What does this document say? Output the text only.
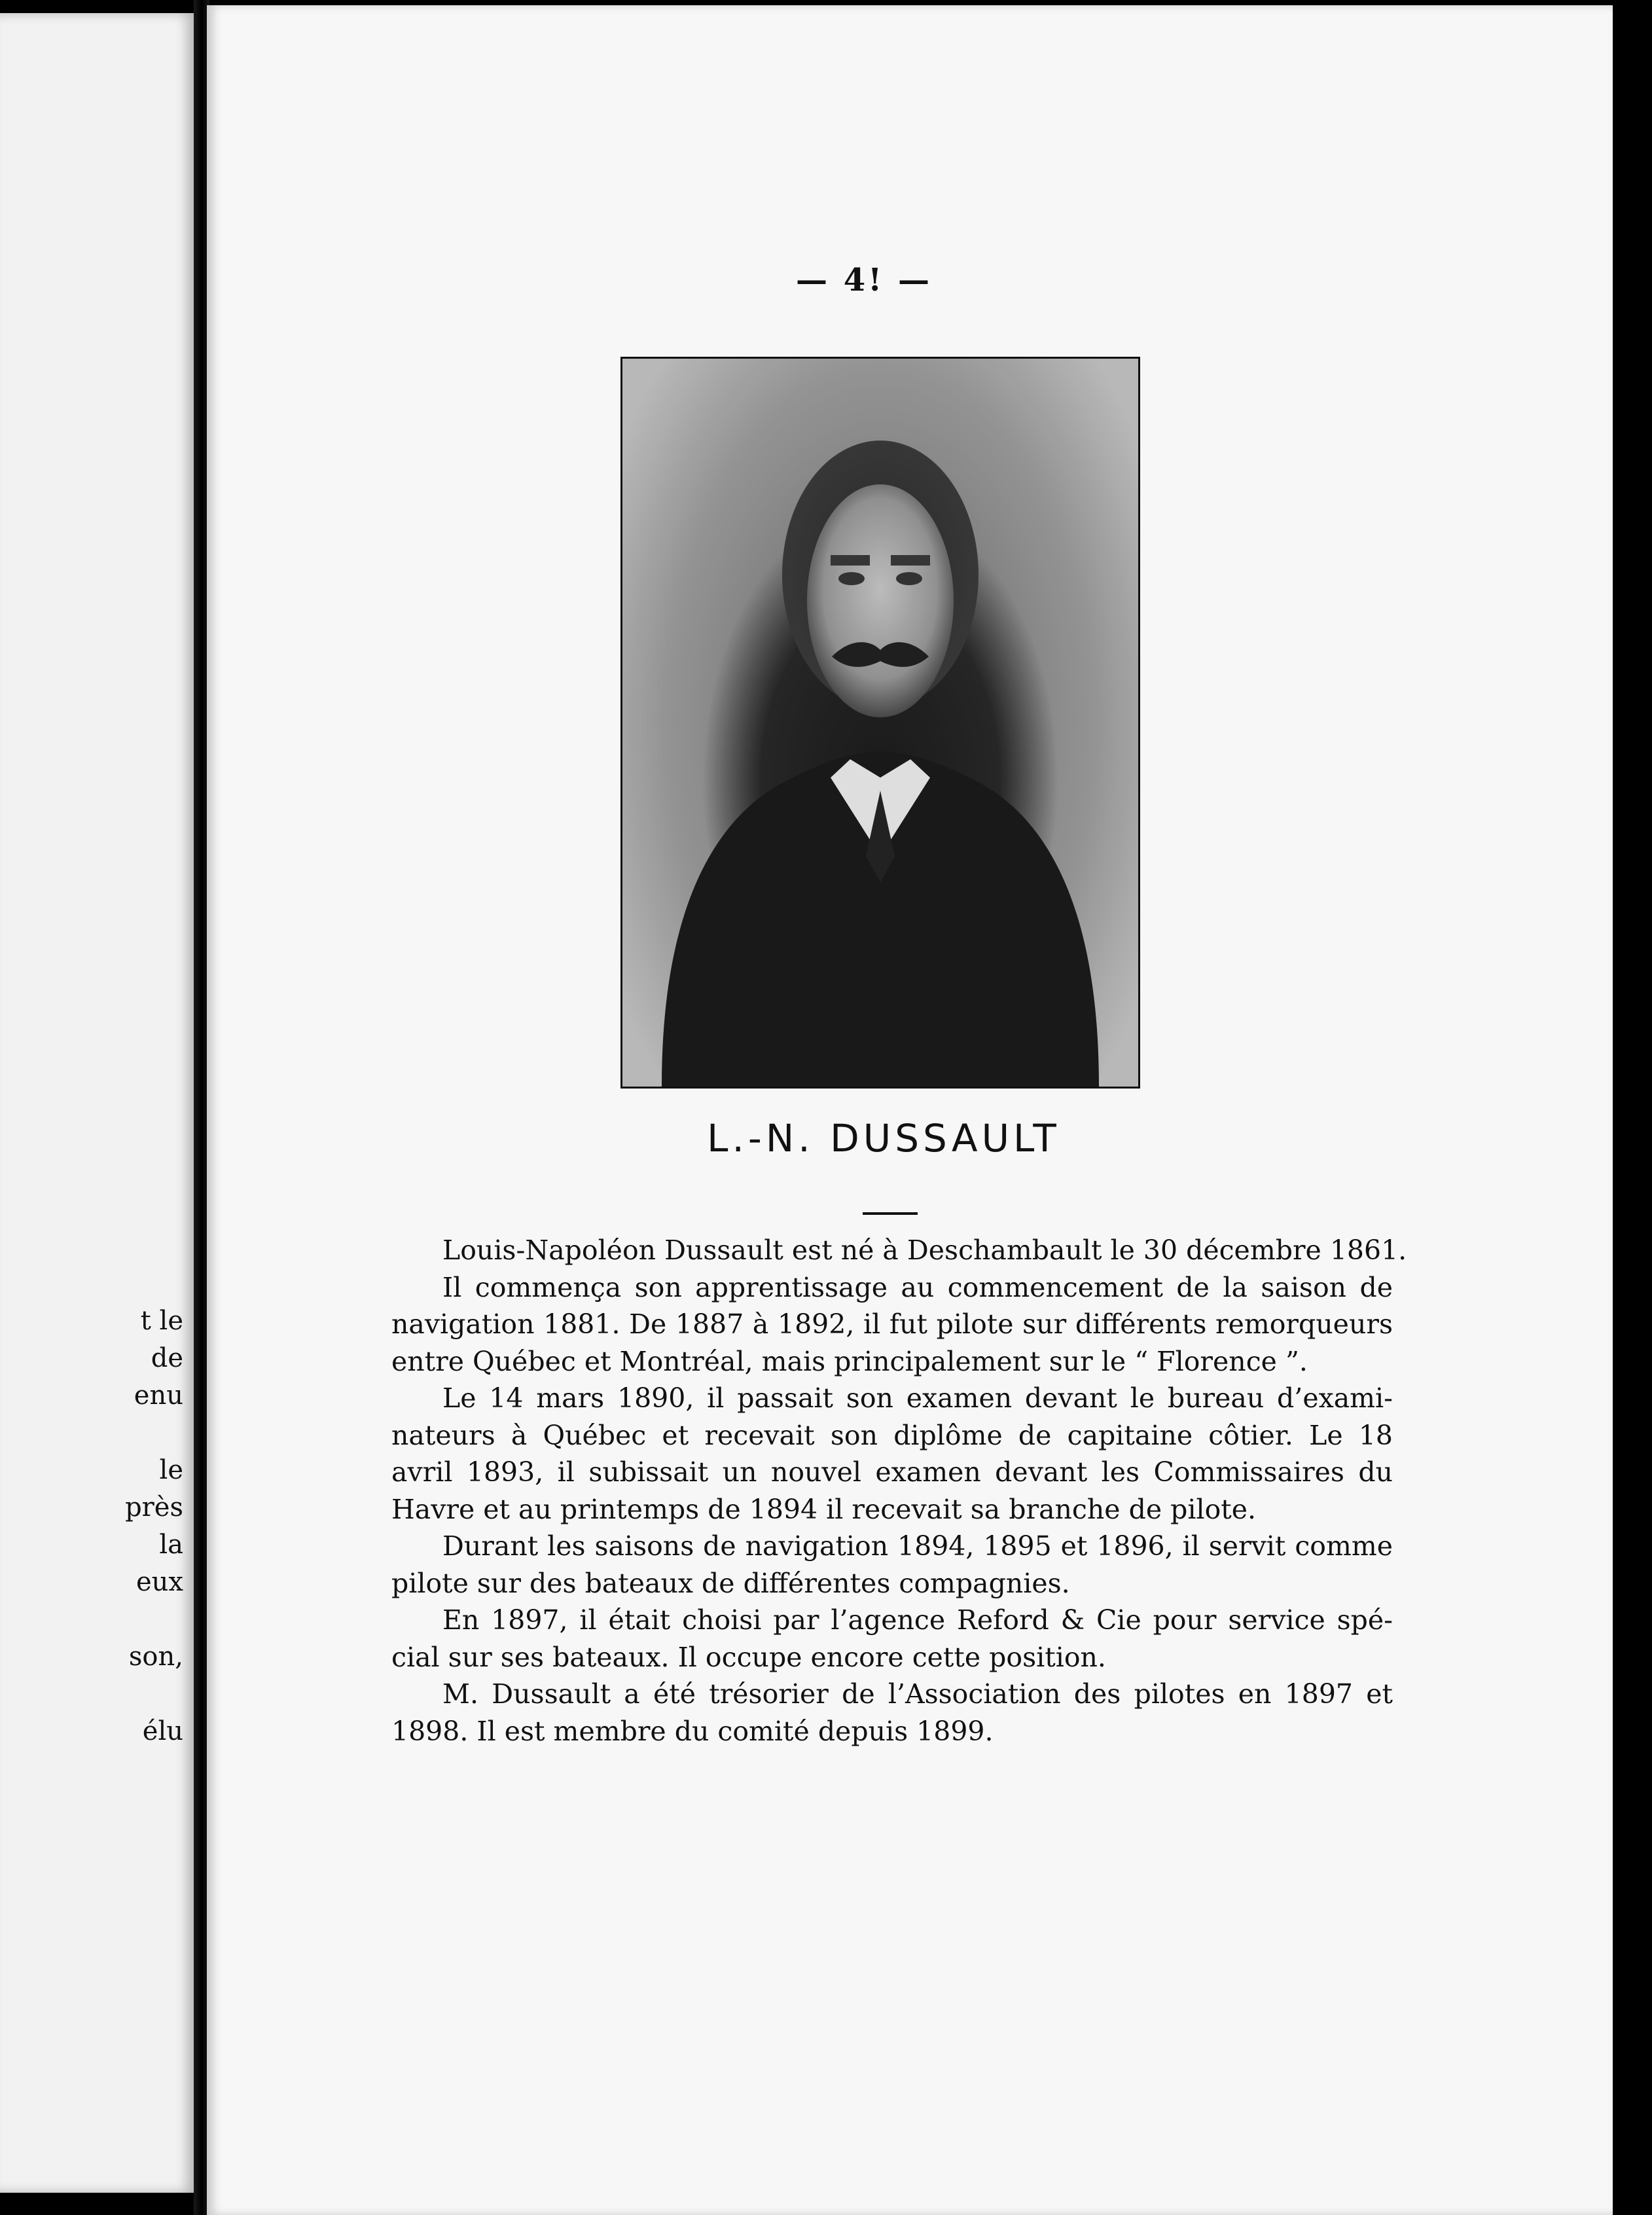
t le
de
enu
le
près
la
eux
son,
élu
— 4! —
L.-N. DUSSAULT
Louis-Napoléon Dussault est né à Deschambault le 30 décembre 1861.
Il commença son apprentissage au commencement de la saison de
navigation 1881. De 1887 à 1892, il fut pilote sur différents remorqueurs
entre Québec et Montréal, mais principalement sur le “ Florence ”.
Le 14 mars 1890, il passait son examen devant le bureau d’exami-
nateurs à Québec et recevait son diplôme de capitaine côtier. Le 18
avril 1893, il subissait un nouvel examen devant les Commissaires du
Havre et au printemps de 1894 il recevait sa branche de pilote.
Durant les saisons de navigation 1894, 1895 et 1896, il servit comme
pilote sur des bateaux de différentes compagnies.
En 1897, il était choisi par l’agence Reford & Cie pour service spé-
cial sur ses bateaux. Il occupe encore cette position.
M. Dussault a été trésorier de l’Association des pilotes en 1897 et
1898. Il est membre du comité depuis 1899.
